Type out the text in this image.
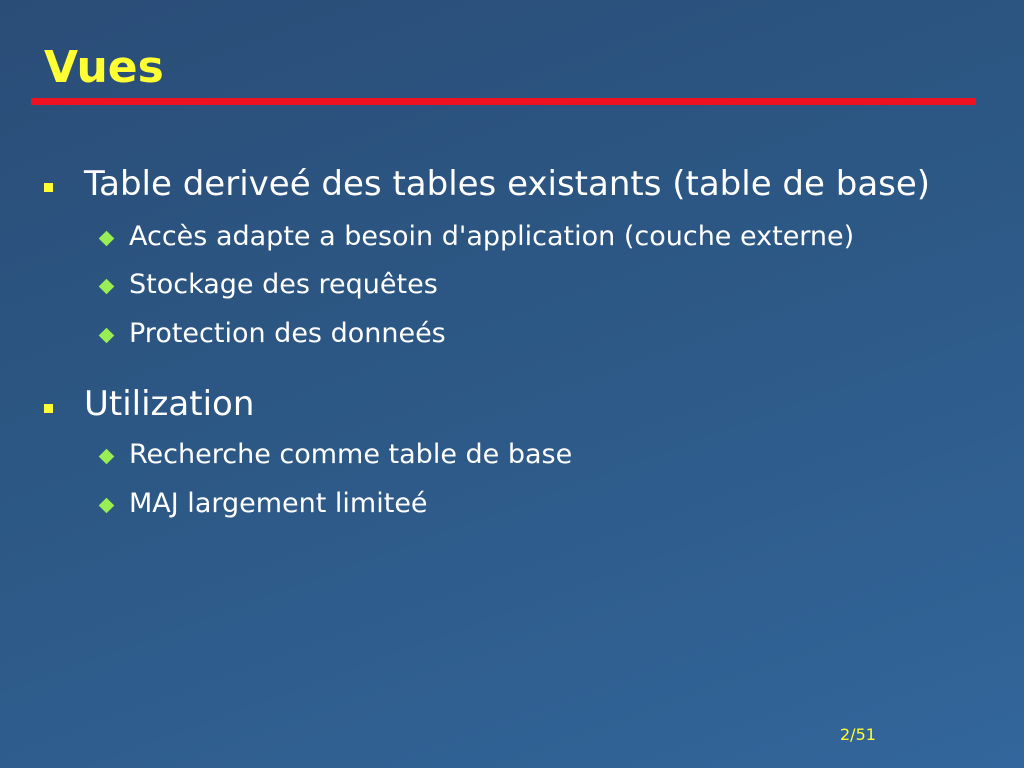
Vues
Table deriveé des tables existants (table de base)
Accès adapte a besoin d'application (couche externe)
Stockage des requêtes
Protection des donneés
Utilization
Recherche comme table de base
MAJ largement limiteé
2/51
